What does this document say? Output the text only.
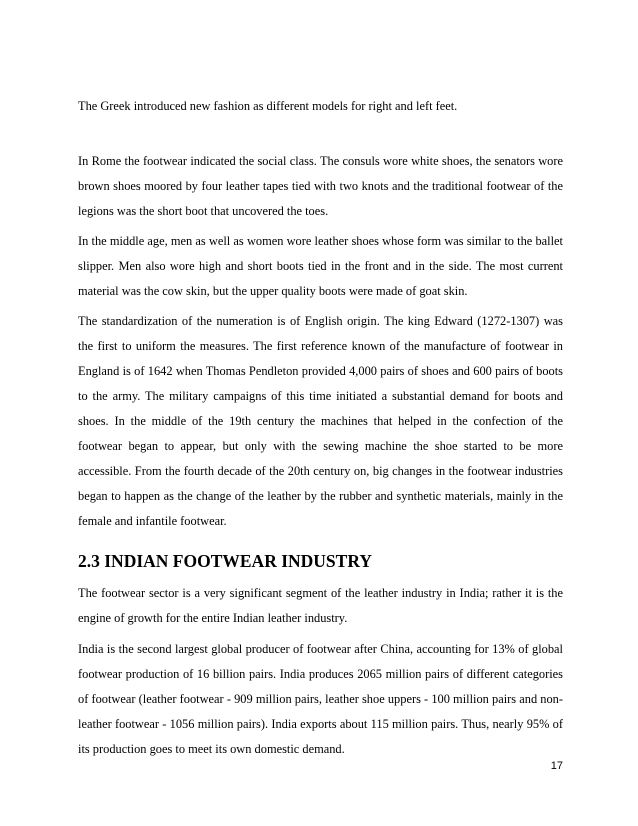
The Greek introduced new fashion as different models for right and left feet.

In Rome the footwear indicated the social class. The consuls wore white shoes, the senators wore brown shoes moored by four leather tapes tied with two knots and the traditional footwear of the legions was the short boot that uncovered the toes.

In the middle age, men as well as women wore leather shoes whose form was similar to the ballet slipper. Men also wore high and short boots tied in the front and in the side. The most current material was the cow skin, but the upper quality boots were made of goat skin.

The standardization of the numeration is of English origin. The king Edward (1272-1307) was the first to uniform the measures. The first reference known of the manufacture of footwear in England is of 1642 when Thomas Pendleton provided 4,000 pairs of shoes and 600 pairs of boots to the army. The military campaigns of this time initiated a substantial demand for boots and shoes. In the middle of the 19th century the machines that helped in the confection of the footwear began to appear, but only with the sewing machine the shoe started to be more accessible. From the fourth decade of the 20th century on, big changes in the footwear industries began to happen as the change of the leather by the rubber and synthetic materials, mainly in the female and infantile footwear.

2.3 INDIAN FOOTWEAR INDUSTRY

The footwear sector is a very significant segment of the leather industry in India; rather it is the engine of growth for the entire Indian leather industry.

India is the second largest global producer of footwear after China, accounting for 13% of global footwear production of 16 billion pairs. India produces 2065 million pairs of different categories of footwear (leather footwear - 909 million pairs, leather shoe uppers - 100 million pairs and non-leather footwear - 1056 million pairs). India exports about 115 million pairs. Thus, nearly 95% of its production goes to meet its own domestic demand.

17
